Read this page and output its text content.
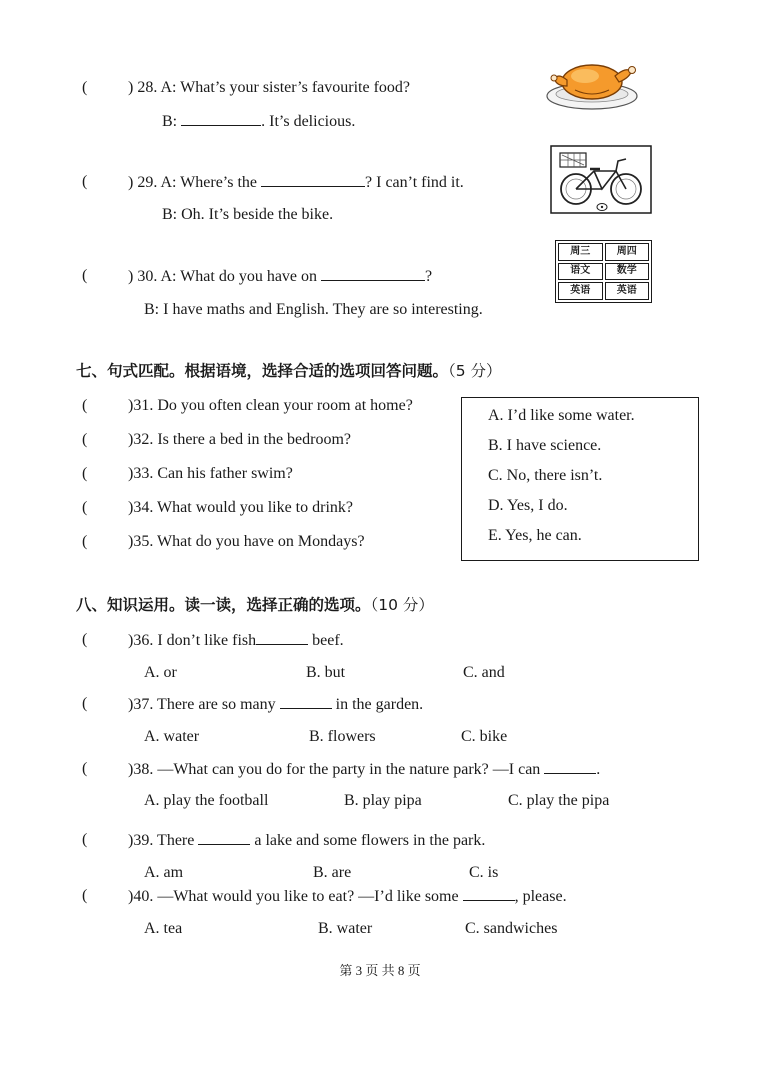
(	) 28. A: What’s your sister’s favourite food?
B:	. It’s delicious.
(	) 29. A: Where’s the	? I can’t find it.
B: Oh. It’s beside the bike.
(	) 30. A: What do you have on	?
B: I have maths and English. They are so interesting.
周三	周四
语文	数学
英语	英语
七、句式匹配。根据语境，选择合适的选项回答问题。（5 分）
(	)31. Do you often clean your room at home?
(	)32. Is there a bed in the bedroom?
(	)33. Can his father swim?
(	)34. What would you like to drink?
(	)35. What do you have on Mondays?
A. I’d like some water.
B. I have science.
C. No, there isn’t.
D. Yes, I do.
E. Yes, he can.
八、知识运用。读一读，选择正确的选项。（10 分）
(	)36. I don’t like fish	beef.
A. or	B. but	C. and
(	)37. There are so many	in the garden.
A. water	B. flowers	C. bike
(	)38. —What can you do for the party in the nature park? —I can	.
A. play the football	B. play pipa	C. play the pipa
(	)39. There	a lake and some flowers in the park.
A. am	B. are	C. is
(	)40. —What would you like to eat? —I’d like some	, please.
A. tea	B. water	C. sandwiches
第 3 页 共 8 页
